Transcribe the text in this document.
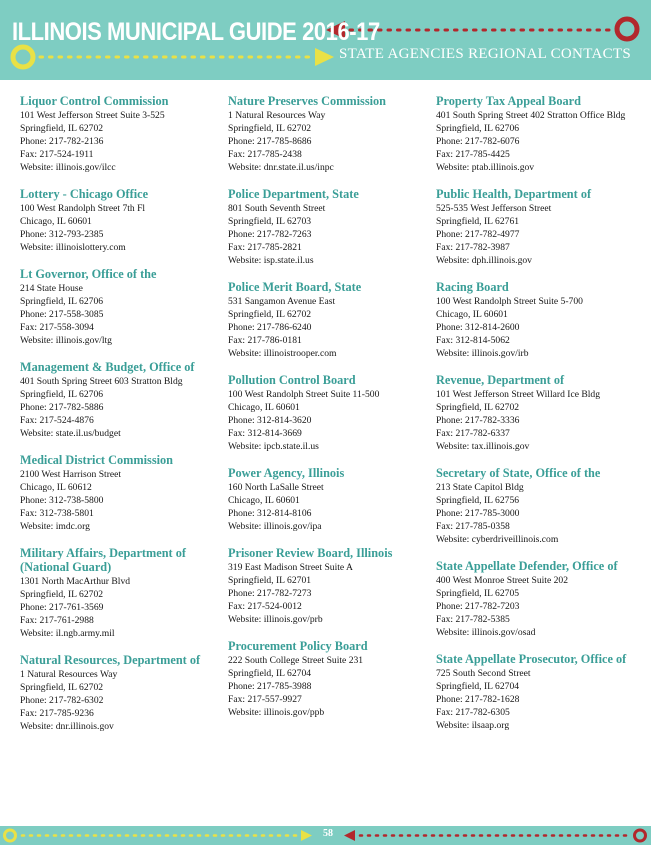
ILLINOIS MUNICIPAL GUIDE 2016-17
STATE AGENCIES REGIONAL CONTACTS
Liquor Control Commission
101 West Jefferson Street Suite 3-525
Springfield, IL 62702
Phone: 217-782-2136
Fax: 217-524-1911
Website: illinois.gov/ilcc
Lottery - Chicago Office
100 West Randolph Street 7th Fl
Chicago, IL 60601
Phone: 312-793-2385
Website: illinoislottery.com
Lt Governor, Office of the
214 State House
Springfield, IL 62706
Phone: 217-558-3085
Fax: 217-558-3094
Website: illinois.gov/ltg
Management & Budget, Office of
401 South Spring Street 603 Stratton Bldg
Springfield, IL 62706
Phone: 217-782-5886
Fax: 217-524-4876
Website: state.il.us/budget
Medical District Commission
2100 West Harrison Street
Chicago, IL 60612
Phone: 312-738-5800
Fax: 312-738-5801
Website: imdc.org
Military Affairs, Department of (National Guard)
1301 North MacArthur Blvd
Springfield, IL 62702
Phone: 217-761-3569
Fax: 217-761-2988
Website: il.ngb.army.mil
Natural Resources, Department of
1 Natural Resources Way
Springfield, IL 62702
Phone: 217-782-6302
Fax: 217-785-9236
Website: dnr.illinois.gov
Nature Preserves Commission
1 Natural Resources Way
Springfield, IL 62702
Phone: 217-785-8686
Fax: 217-785-2438
Website: dnr.state.il.us/inpc
Police Department, State
801 South Seventh Street
Springfield, IL 62703
Phone: 217-782-7263
Fax: 217-785-2821
Website: isp.state.il.us
Police Merit Board, State
531 Sangamon Avenue East
Springfield, IL 62702
Phone: 217-786-6240
Fax: 217-786-0181
Website: illinoistrooper.com
Pollution Control Board
100 West Randolph Street Suite 11-500
Chicago, IL 60601
Phone: 312-814-3620
Fax: 312-814-3669
Website: ipcb.state.il.us
Power Agency, Illinois
160 North LaSalle Street
Chicago, IL 60601
Phone: 312-814-8106
Website: illinois.gov/ipa
Prisoner Review Board, Illinois
319 East Madison Street Suite A
Springfield, IL 62701
Phone: 217-782-7273
Fax: 217-524-0012
Website: illinois.gov/prb
Procurement Policy Board
222 South College Street Suite 231
Springfield, IL 62704
Phone: 217-785-3988
Fax: 217-557-9927
Website: illinois.gov/ppb
Property Tax Appeal Board
401 South Spring Street 402 Stratton Office Bldg
Springfield, IL 62706
Phone: 217-782-6076
Fax: 217-785-4425
Website: ptab.illinois.gov
Public Health, Department of
525-535 West Jefferson Street
Springfield, IL 62761
Phone: 217-782-4977
Fax: 217-782-3987
Website: dph.illinois.gov
Racing Board
100 West Randolph Street Suite 5-700
Chicago, IL 60601
Phone: 312-814-2600
Fax: 312-814-5062
Website: illinois.gov/irb
Revenue, Department of
101 West Jefferson Street Willard Ice Bldg
Springfield, IL 62702
Phone: 217-782-3336
Fax: 217-782-6337
Website: tax.illinois.gov
Secretary of State, Office of the
213 State Capitol Bldg
Springfield, IL 62756
Phone: 217-785-3000
Fax: 217-785-0358
Website: cyberdriveillinois.com
State Appellate Defender, Office of
400 West Monroe Street Suite 202
Springfield, IL 62705
Phone: 217-782-7203
Fax: 217-782-5385
Website: illinois.gov/osad
State Appellate Prosecutor, Office of
725 South Second Street
Springfield, IL 62704
Phone: 217-782-1628
Fax: 217-782-6305
Website: ilsaap.org
58
